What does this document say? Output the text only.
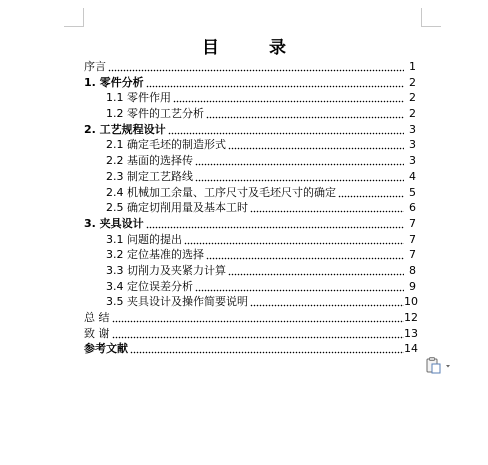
目 录
序言	1
1. 零件分析	2
1.1 零件作用	2
1.2 零件的工艺分析	2
2. 工艺规程设计	3
2.1 确定毛坯的制造形式	3
2.2 基面的选择传	3
2.3 制定工艺路线	4
2.4 机械加工余量、工序尺寸及毛坯尺寸的确定	5
2.5 确定切削用量及基本工时	6
3. 夹具设计	7
3.1 问题的提出	7
3.2 定位基准的选择	7
3.3 切削力及夹紧力计算	8
3.4 定位误差分析	9
3.5 夹具设计及操作简要说明	10
总 结	12
致 谢	13
参考文献	14
